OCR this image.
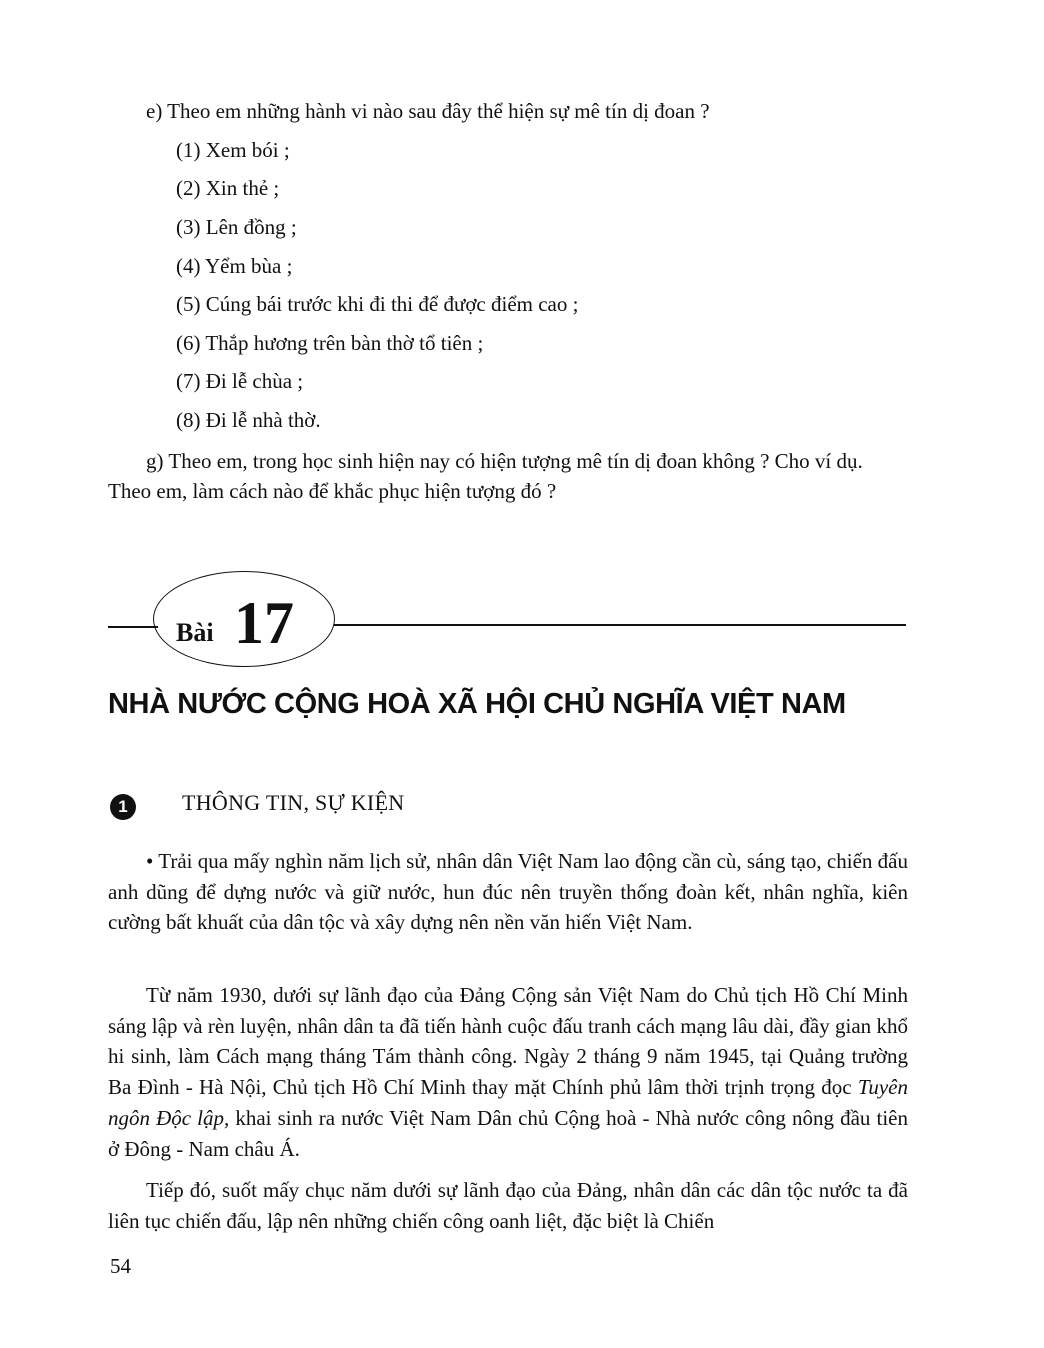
e) Theo em những hành vi nào sau đây thể hiện sự mê tín dị đoan ?

(1) Xem bói ;

(2) Xin thẻ ;

(3) Lên đồng ;

(4) Yểm bùa ;

(5) Cúng bái trước khi đi thi để được điểm cao ;

(6) Thắp hương trên bàn thờ tổ tiên ;

(7) Đi lễ chùa ;

(8) Đi lễ nhà thờ.

g) Theo em, trong học sinh hiện nay có hiện tượng mê tín dị đoan không ? Cho ví dụ. Theo em, làm cách nào để khắc phục hiện tượng đó ?

Bài 17
NHÀ NƯỚC CỘNG HOÀ XÃ HỘI CHỦ NGHĨA VIỆT NAM
1	THÔNG TIN, SỰ KIỆN

• Trải qua mấy nghìn năm lịch sử, nhân dân Việt Nam lao động cần cù, sáng tạo, chiến đấu anh dũng để dựng nước và giữ nước, hun đúc nên truyền thống đoàn kết, nhân nghĩa, kiên cường bất khuất của dân tộc và xây dựng nên nền văn hiến Việt Nam.

Từ năm 1930, dưới sự lãnh đạo của Đảng Cộng sản Việt Nam do Chủ tịch Hồ Chí Minh sáng lập và rèn luyện, nhân dân ta đã tiến hành cuộc đấu tranh cách mạng lâu dài, đầy gian khổ hi sinh, làm Cách mạng tháng Tám thành công. Ngày 2 tháng 9 năm 1945, tại Quảng trường Ba Đình - Hà Nội, Chủ tịch Hồ Chí Minh thay mặt Chính phủ lâm thời trịnh trọng đọc Tuyên ngôn Độc lập, khai sinh ra nước Việt Nam Dân chủ Cộng hoà - Nhà nước công nông đầu tiên ở Đông - Nam châu Á.

Tiếp đó, suốt mấy chục năm dưới sự lãnh đạo của Đảng, nhân dân các dân tộc nước ta đã liên tục chiến đấu, lập nên những chiến công oanh liệt, đặc biệt là Chiến

54
